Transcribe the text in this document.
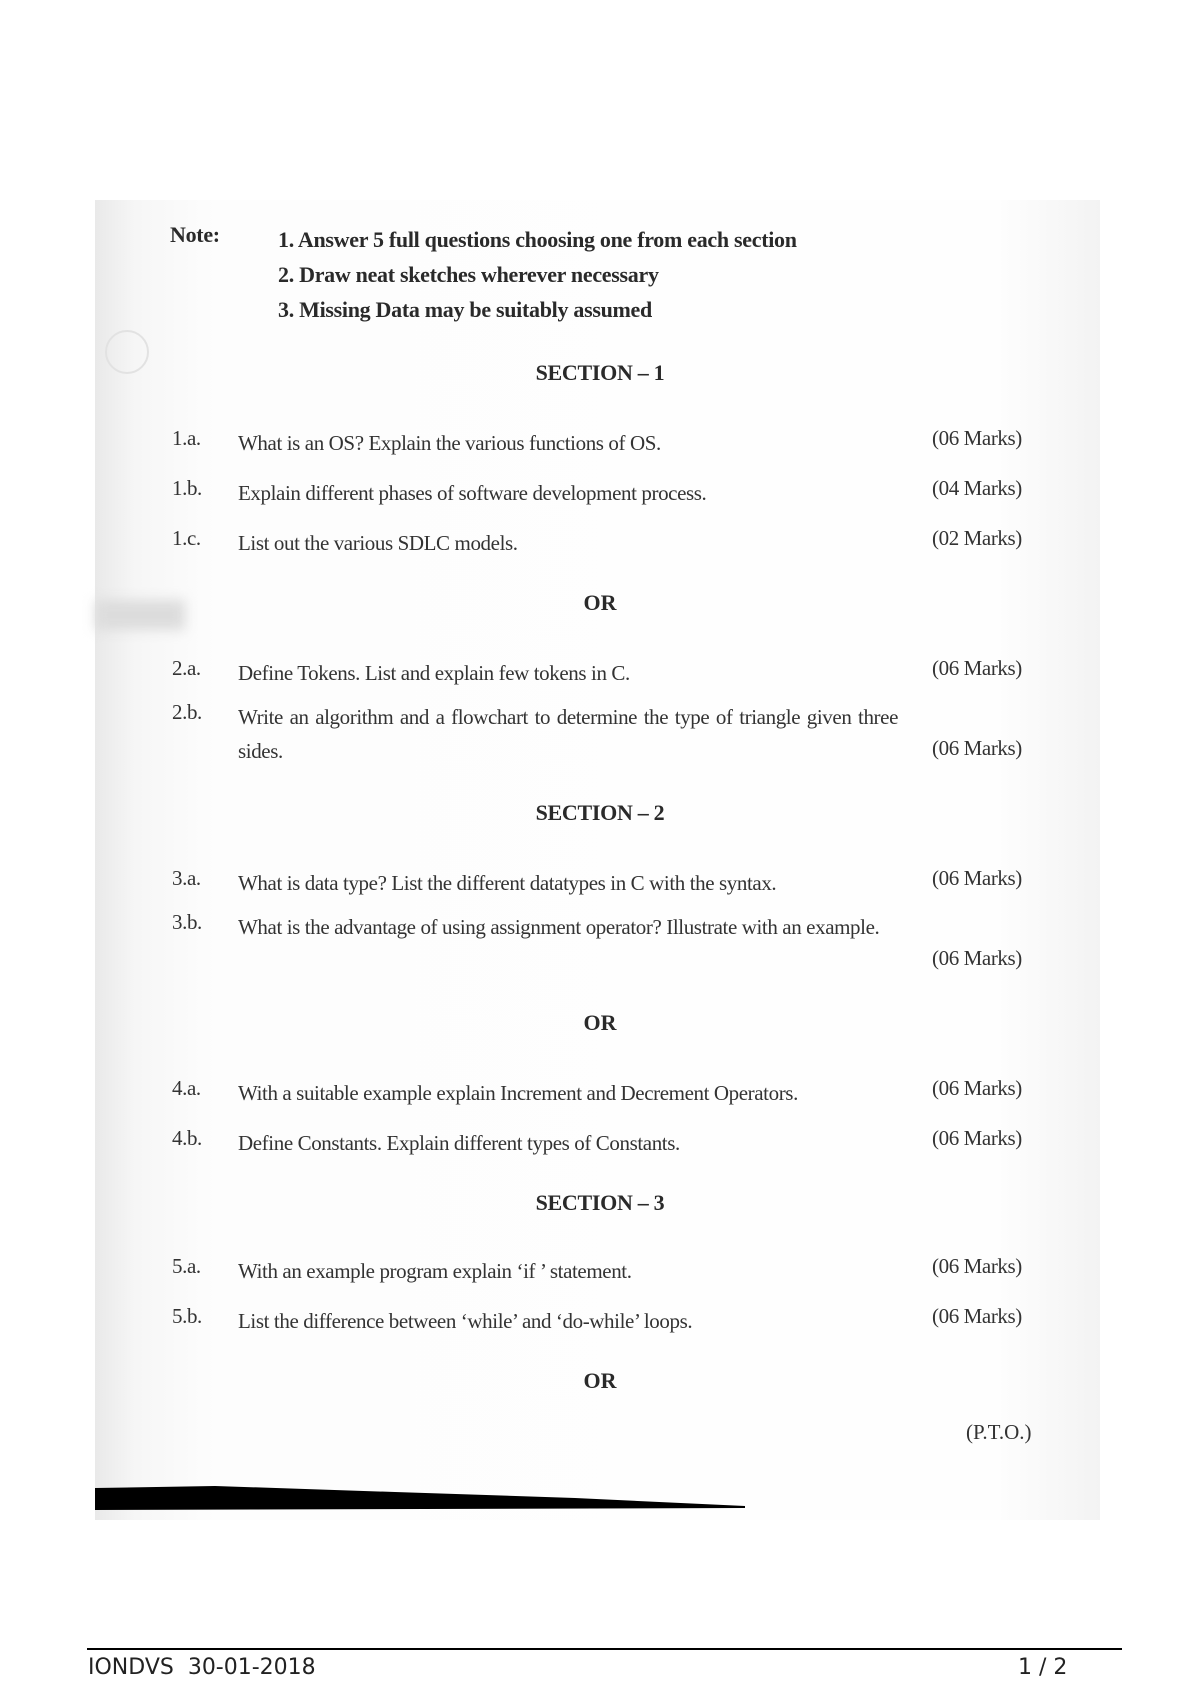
Note:	1. Answer 5 full questions choosing one from each section
2. Draw neat sketches wherever necessary
3. Missing Data may be suitably assumed
SECTION – 1
1.a. What is an OS? Explain the various functions of OS.	(06 Marks)
1.b. Explain different phases of software development process.	(04 Marks)
1.c. List out the various SDLC models.	(02 Marks)
OR
2.a. Define Tokens. List and explain few tokens in C.	(06 Marks)
2.b. Write an algorithm and a flowchart to determine the type of triangle given three sides.	(06 Marks)
SECTION – 2
3.a. What is data type? List the different datatypes in C with the syntax.	(06 Marks)
3.b. What is the advantage of using assignment operator? Illustrate with an example.
(06 Marks)
OR
4.a. With a suitable example explain Increment and Decrement Operators.	(06 Marks)
4.b. Define Constants. Explain different types of Constants.	(06 Marks)
SECTION – 3
5.a. With an example program explain ‘if ’ statement.	(06 Marks)
5.b. List the difference between ‘while’ and ‘do-while’ loops.	(06 Marks)
OR
(P.T.O.)
IONDVS  30-01-2018	1 / 2
